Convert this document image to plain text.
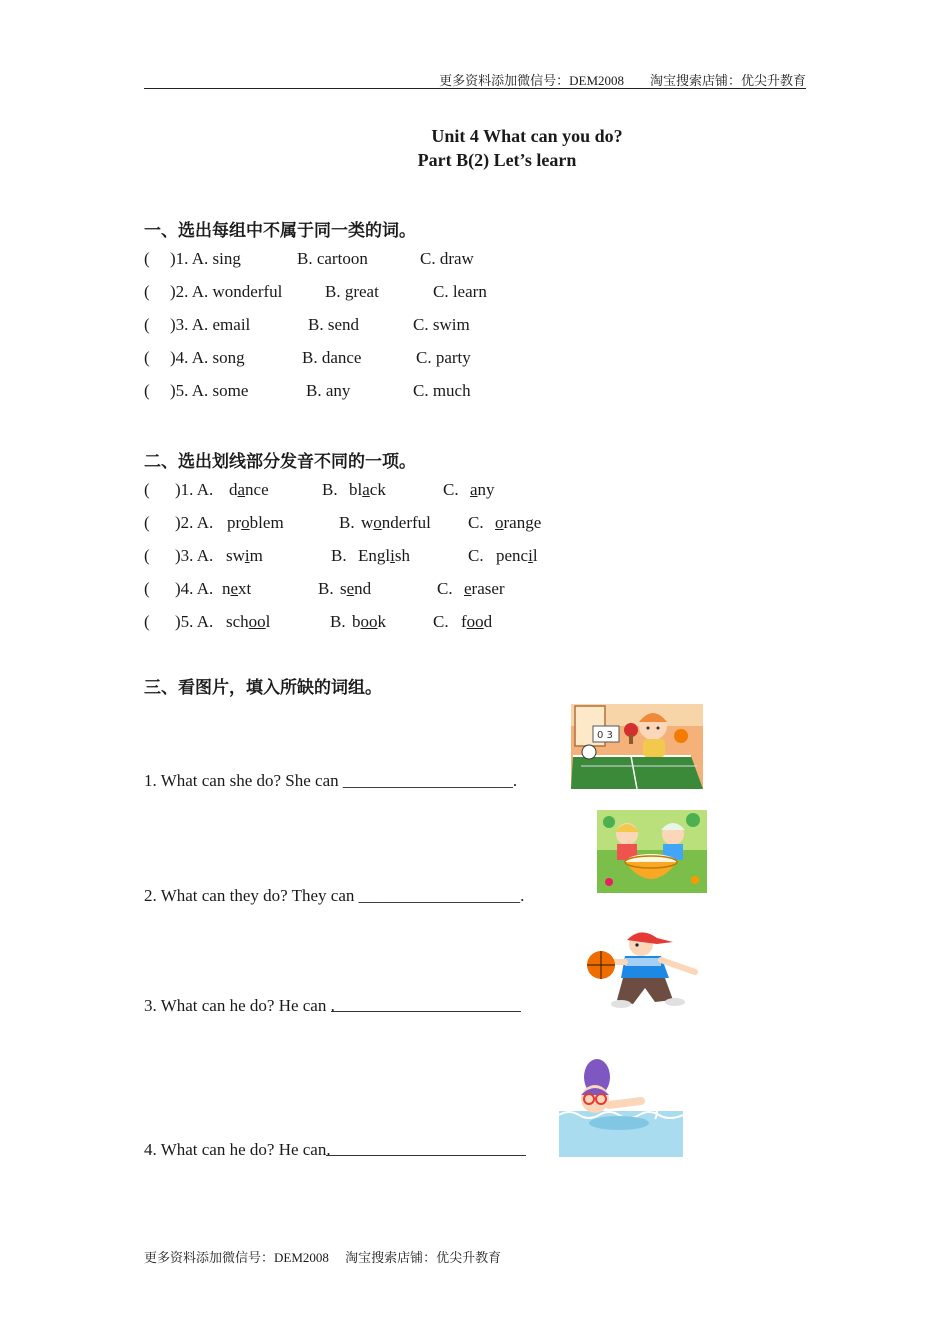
更多资料添加微信号：DEM2008　　淘宝搜索店铺：优尖升教育
Unit 4 What can you do?
Part B(2) Let’s learn
一、选出每组中不属于同一类的词。
( )1. A. sing	B. cartoon	C. draw
( )2. A. wonderful	B. great	C. learn
( )3. A. email	B. send	C. swim
( )4. A. song	B. dance	C. party
( )5. A. some	B. any	C. much
二、选出划线部分发音不同的一项。
( )1. A. dance	B. black	C. any
( )2. A. problem	B. wonderful C. orange
( )3. A. swim	B. English	C. pencil
( )4. A. next	B. send	C. eraser
( )5. A. school	B. book	C. food
三、看图片，填入所缺的词组。
1. What can she do? She can ____________________.
2. What can they do? They can ___________________.
3. What can he do? He can
.
4. What can he do? He can
.
0 3
更多资料添加微信号：DEM2008　 淘宝搜索店铺：优尖升教育
